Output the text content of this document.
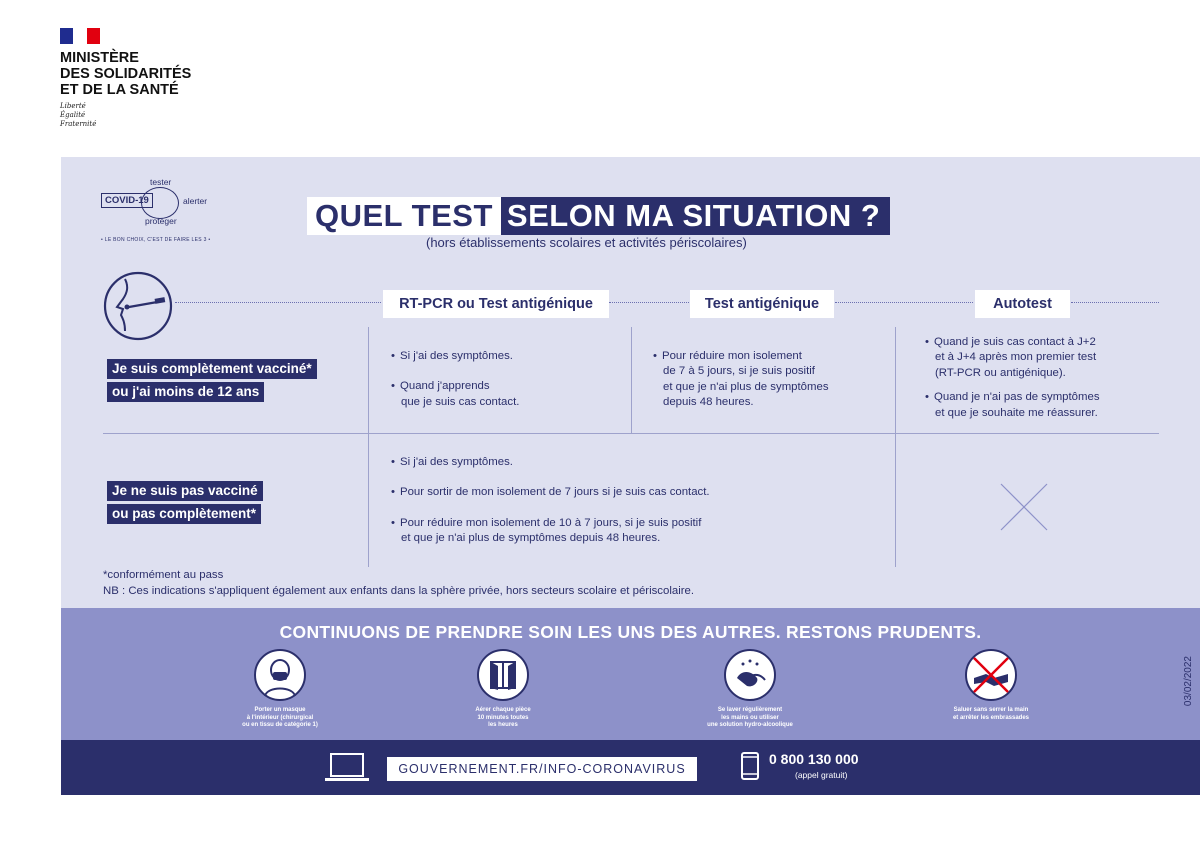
MINISTÈRE
DES SOLIDARITÉS
ET DE LA SANTÉ
Liberté
Égalité
Fraternité
COVID-19
tester
alerter
protéger
• LE BON CHOIX, C'EST DE FAIRE LES 3 •
QUEL TEST SELON MA SITUATION ?
(hors établissements scolaires et activités périscolaires)
RT-PCR ou Test antigénique	Test antigénique	Autotest
Je suis complètement vacciné*
ou j'ai moins de 12 ans
• Si j'ai des symptômes.
• Quand j'apprends
que je suis cas contact.
• Pour réduire mon isolement
de 7 à 5 jours, si je suis positif
et que je n'ai plus de symptômes
depuis 48 heures.
• Quand je suis cas contact à J+2
et à J+4 après mon premier test
(RT-PCR ou antigénique).
• Quand je n'ai pas de symptômes
et que je souhaite me réassurer.
Je ne suis pas vacciné
ou pas complètement*
• Si j'ai des symptômes.
• Pour sortir de mon isolement de 7 jours si je suis cas contact.
• Pour réduire mon isolement de 10 à 7 jours, si je suis positif
et que je n'ai plus de symptômes depuis 48 heures.
*conformément au pass
NB : Ces indications s'appliquent également aux enfants dans la sphère privée, hors secteurs scolaire et périscolaire.
CONTINUONS DE PRENDRE SOIN LES UNS DES AUTRES. RESTONS PRUDENTS.
Porter un masque
à l'intérieur (chirurgical
ou en tissu de catégorie 1)
Aérer chaque pièce
10 minutes toutes
les heures
Se laver régulièrement
les mains ou utiliser
une solution hydro-alcoolique
Saluer sans serrer la main
et arrêter les embrassades
03/02/2022
GOUVERNEMENT.FR/INFO-CORONAVIRUS
0 800 130 000
(appel gratuit)
